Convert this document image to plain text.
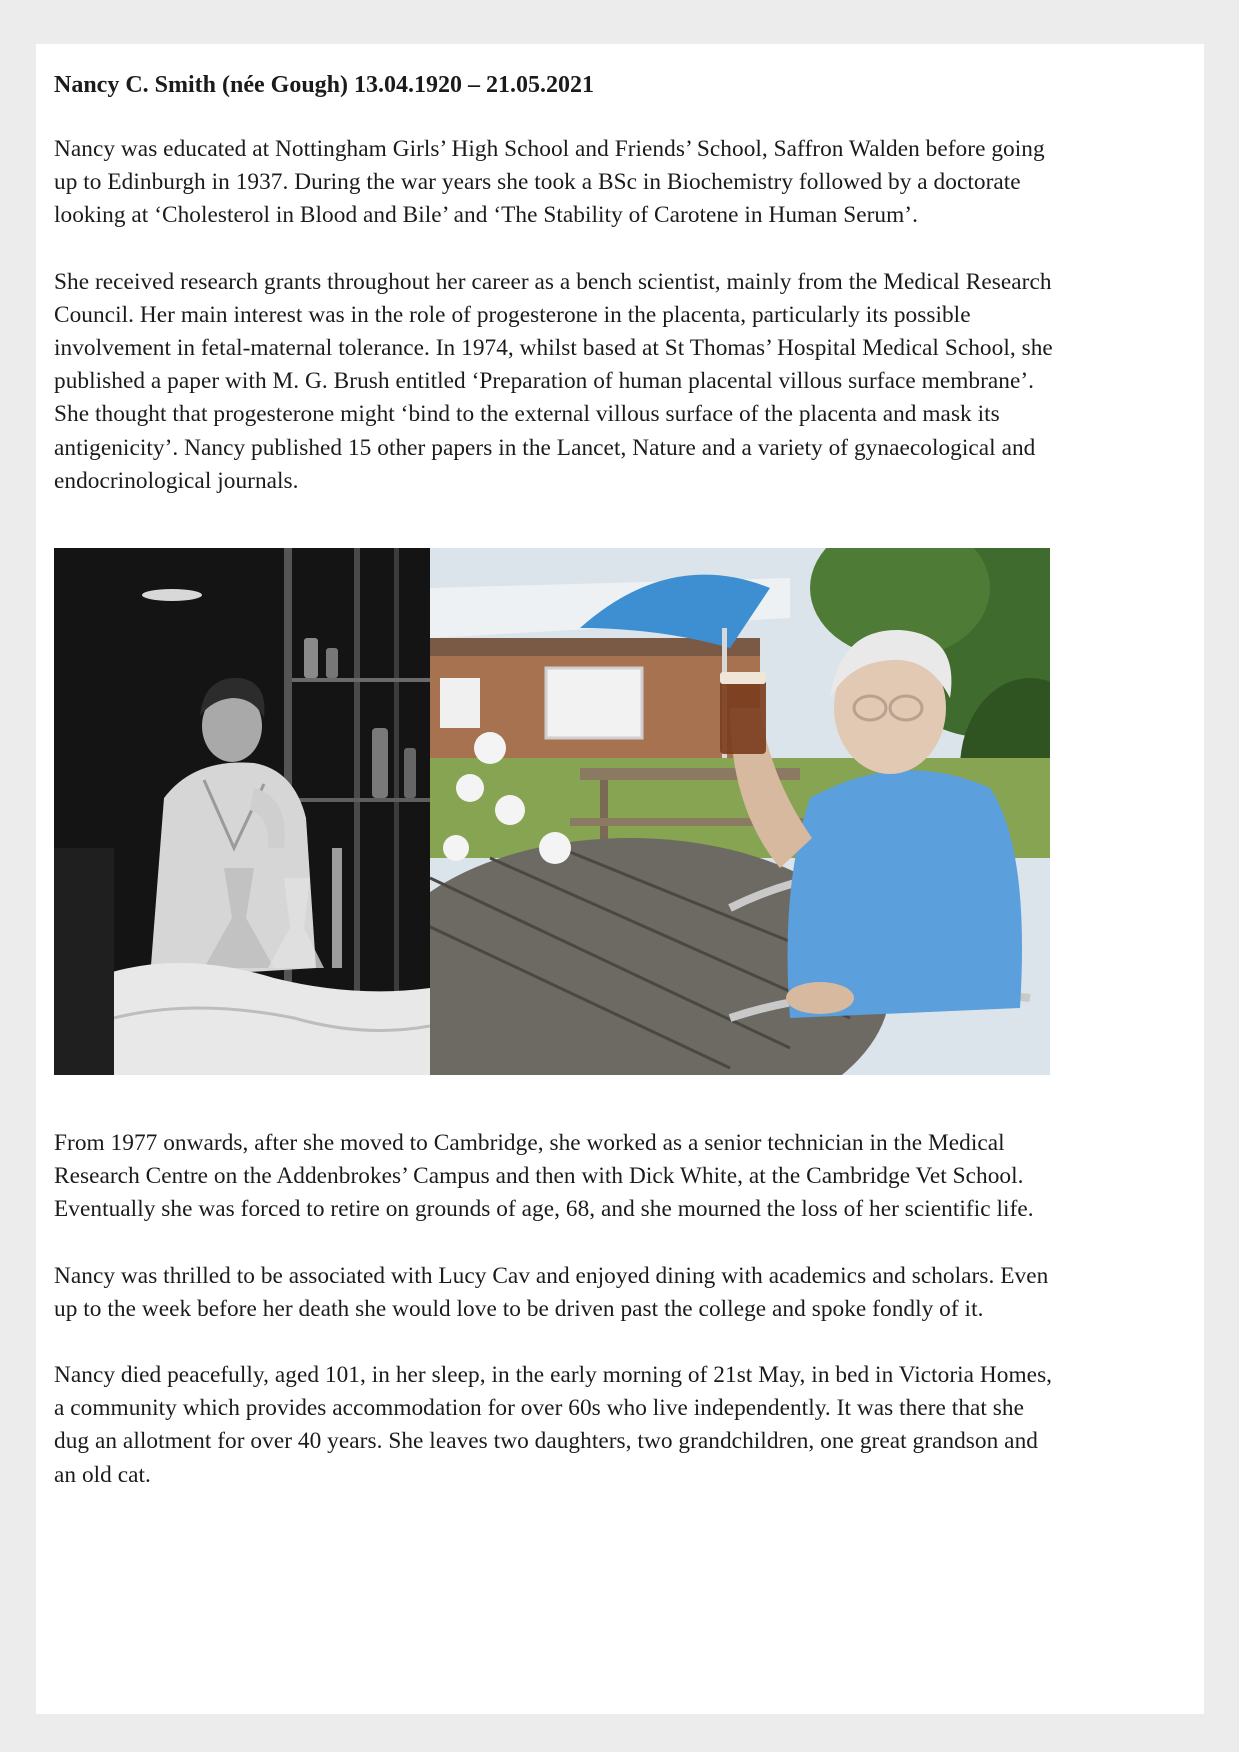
Nancy C. Smith (née Gough) 13.04.1920 – 21.05.2021

Nancy was educated at Nottingham Girls’ High School and Friends’ School, Saffron Walden before going up to Edinburgh in 1937. During the war years she took a BSc in Biochemistry followed by a doctorate looking at ‘Cholesterol in Blood and Bile’ and ‘The Stability of Carotene in Human Serum’.

She received research grants throughout her career as a bench scientist, mainly from the Medical Research Council. Her main interest was in the role of progesterone in the placenta, particularly its possible involvement in fetal-maternal tolerance. In 1974, whilst based at St Thomas’ Hospital Medical School, she published a paper with M. G. Brush entitled ‘Preparation of human placental villous surface membrane’. She thought that progesterone might ‘bind to the external villous surface of the placenta and mask its antigenicity’. Nancy published 15 other papers in the Lancet, Nature and a variety of gynaecological and endocrinological journals.

From 1977 onwards, after she moved to Cambridge, she worked as a senior technician in the Medical Research Centre on the Addenbrokes’ Campus and then with Dick White, at the Cambridge Vet School. Eventually she was forced to retire on grounds of age, 68, and she mourned the loss of her scientific life.

Nancy was thrilled to be associated with Lucy Cav and enjoyed dining with academics and scholars. Even up to the week before her death she would love to be driven past the college and spoke fondly of it.

Nancy died peacefully, aged 101, in her sleep, in the early morning of 21st May, in bed in Victoria Homes, a community which provides accommodation for over 60s who live independently. It was there that she dug an allotment for over 40 years. She leaves two daughters, two grandchildren, one great grandson and an old cat.
